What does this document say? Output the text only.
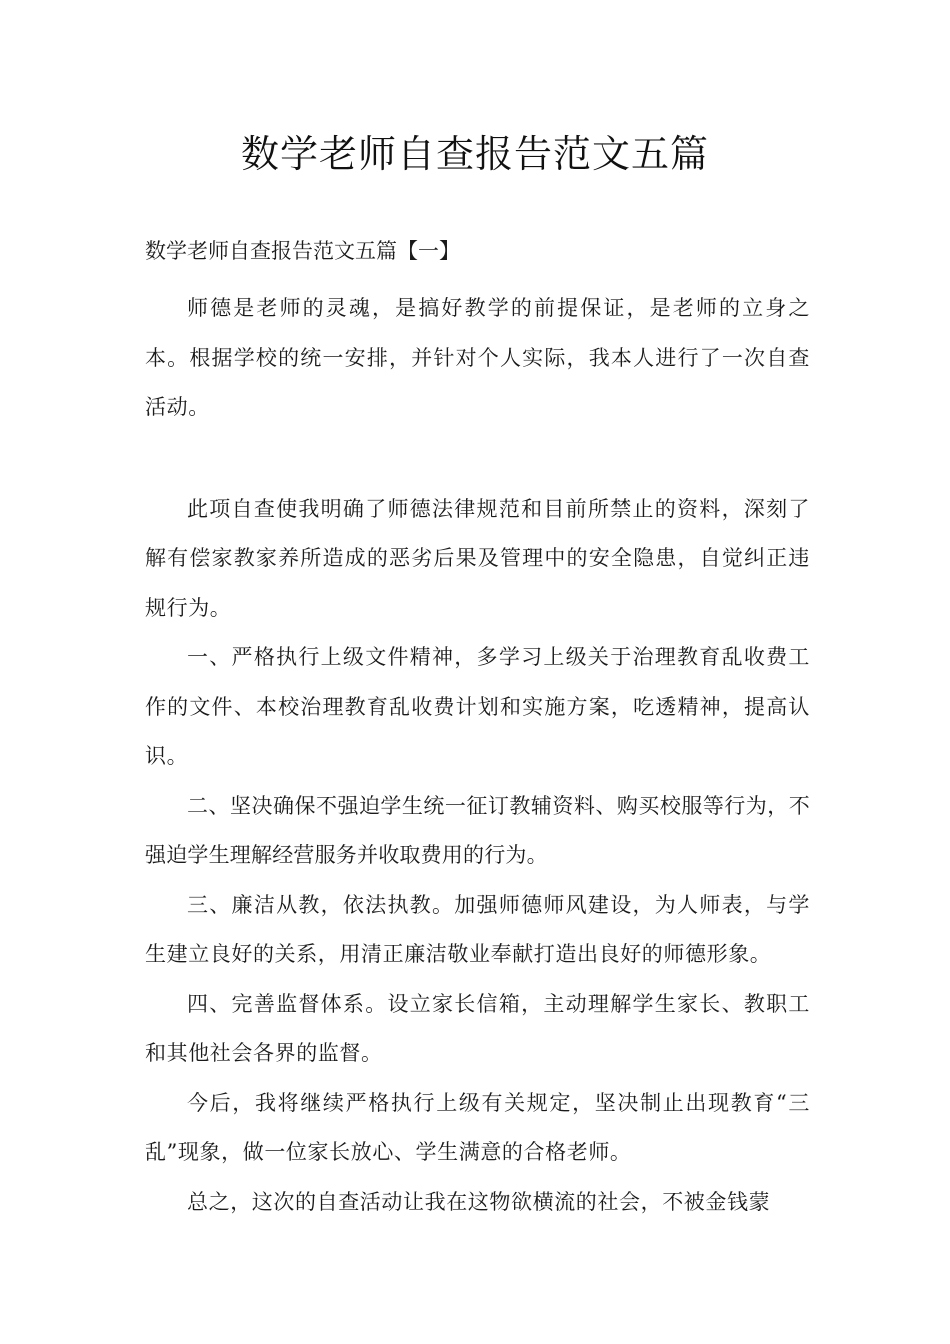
数学老师自查报告范文五篇
数学老师自查报告范文五篇【一】

师德是老师的灵魂，是搞好教学的前提保证，是老师的立身之本。根据学校的统一安排，并针对个人实际，我本人进行了一次自查活动。

此项自查使我明确了师德法律规范和目前所禁止的资料，深刻了解有偿家教家养所造成的恶劣后果及管理中的安全隐患，自觉纠正违规行为。

一、严格执行上级文件精神，多学习上级关于治理教育乱收费工作的文件、本校治理教育乱收费计划和实施方案，吃透精神，提高认识。

二、坚决确保不强迫学生统一征订教辅资料、购买校服等行为，不强迫学生理解经营服务并收取费用的行为。

三、廉洁从教，依法执教。加强师德师风建设，为人师表，与学生建立良好的关系，用清正廉洁敬业奉献打造出良好的师德形象。

四、完善监督体系。设立家长信箱，主动理解学生家长、教职工和其他社会各界的监督。

今后，我将继续严格执行上级有关规定，坚决制止出现教育“三乱”现象，做一位家长放心、学生满意的合格老师。

总之，这次的自查活动让我在这物欲横流的社会，不被金钱蒙
